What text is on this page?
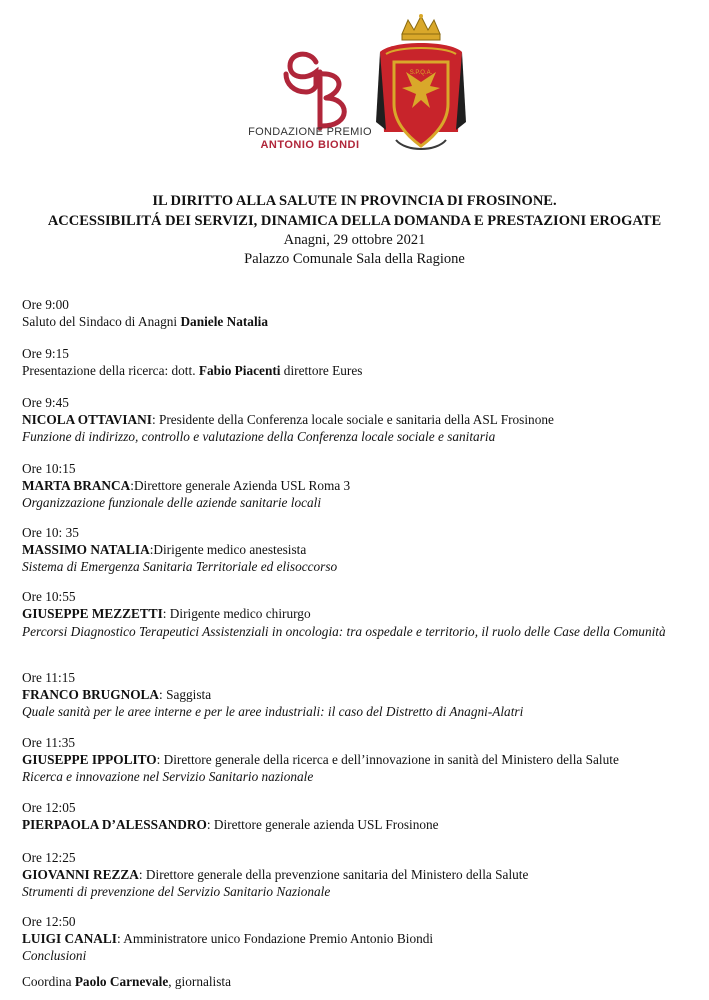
FONDAZIONE PREMIO
ANTONIO BIONDI
S.P.Q.A.
IL DIRITTO ALLA SALUTE IN PROVINCIA DI FROSINONE.
ACCESSIBILITÁ DEI SERVIZI, DINAMICA DELLA DOMANDA E PRESTAZIONI EROGATE
Anagni, 29 ottobre 2021
Palazzo Comunale Sala della Ragione
Ore 9:00
Saluto del Sindaco di Anagni Daniele Natalia
Ore 9:15
Presentazione della ricerca: dott. Fabio Piacenti direttore Eures
Ore 9:45
NICOLA OTTAVIANI: Presidente della Conferenza locale sociale e sanitaria della ASL Frosinone
Funzione di indirizzo, controllo e valutazione della Conferenza locale sociale e sanitaria
Ore 10:15
MARTA BRANCA:Direttore generale Azienda USL Roma 3
Organizzazione funzionale delle aziende sanitarie locali
Ore 10: 35
MASSIMO NATALIA:Dirigente medico anestesista
Sistema di Emergenza Sanitaria Territoriale ed elisoccorso
Ore 10:55
GIUSEPPE MEZZETTI: Dirigente medico chirurgo
Percorsi Diagnostico Terapeutici Assistenziali in oncologia: tra ospedale e territorio, il ruolo delle Case della Comunità
Ore 11:15
FRANCO BRUGNOLA: Saggista
Quale sanità per le aree interne e per le aree industriali: il caso del Distretto di Anagni-Alatri
Ore 11:35
GIUSEPPE IPPOLITO: Direttore generale della ricerca e dell’innovazione in sanità del Ministero della Salute
Ricerca e innovazione nel Servizio Sanitario nazionale
Ore 12:05
PIERPAOLA D’ALESSANDRO: Direttore generale azienda USL Frosinone
Ore 12:25
GIOVANNI REZZA: Direttore generale della prevenzione sanitaria del Ministero della Salute
Strumenti di prevenzione del Servizio Sanitario Nazionale
Ore 12:50
LUIGI CANALI: Amministratore unico Fondazione Premio Antonio Biondi
Conclusioni
Coordina Paolo Carnevale, giornalista
